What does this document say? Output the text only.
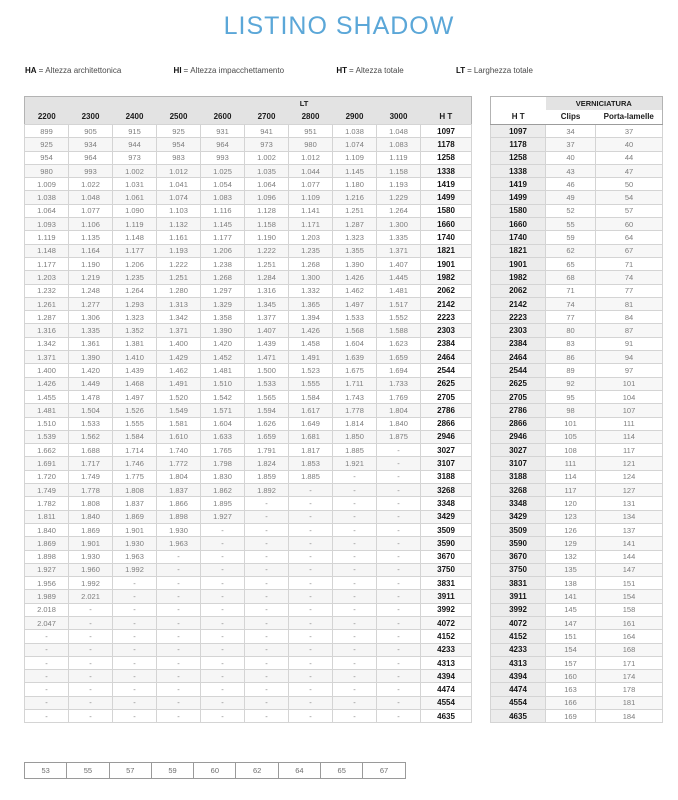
LISTINO SHADOW
HA = Altezza architettonica	HI = Altezza impacchettamento	HT = Altezza totale	LT = Larghezza totale
LT									
2200	2300	2400	2500	2600	2700	2800	2900	3000	H T
899	905	915	925	931	941	951	1.038	1.048	1097
925	934	944	954	964	973	980	1.074	1.083	1178
954	964	973	983	993	1.002	1.012	1.109	1.119	1258
980	993	1.002	1.012	1.025	1.035	1.044	1.145	1.158	1338
1.009	1.022	1.031	1.041	1.054	1.064	1.077	1.180	1.193	1419
1.038	1.048	1.061	1.074	1.083	1.096	1.109	1.216	1.229	1499
1.064	1.077	1.090	1.103	1.116	1.128	1.141	1.251	1.264	1580
1.093	1.106	1.119	1.132	1.145	1.158	1.171	1.287	1.300	1660
1.119	1.135	1.148	1.161	1.177	1.190	1.203	1.323	1.335	1740
1.148	1.164	1.177	1.193	1.206	1.222	1.235	1.355	1.371	1821
1.177	1.190	1.206	1.222	1.238	1.251	1.268	1.390	1.407	1901
1.203	1.219	1.235	1.251	1.268	1.284	1.300	1.426	1.445	1982
1.232	1.248	1.264	1.280	1.297	1.316	1.332	1.462	1.481	2062
1.261	1.277	1.293	1.313	1.329	1.345	1.365	1.497	1.517	2142
1.287	1.306	1.323	1.342	1.358	1.377	1.394	1.533	1.552	2223
1.316	1.335	1.352	1.371	1.390	1.407	1.426	1.568	1.588	2303
1.342	1.361	1.381	1.400	1.420	1.439	1.458	1.604	1.623	2384
1.371	1.390	1.410	1.429	1.452	1.471	1.491	1.639	1.659	2464
1.400	1.420	1.439	1.462	1.481	1.500	1.523	1.675	1.694	2544
1.426	1.449	1.468	1.491	1.510	1.533	1.555	1.711	1.733	2625
1.455	1.478	1.497	1.520	1.542	1.565	1.584	1.743	1.769	2705
1.481	1.504	1.526	1.549	1.571	1.594	1.617	1.778	1.804	2786
1.510	1.533	1.555	1.581	1.604	1.626	1.649	1.814	1.840	2866
1.539	1.562	1.584	1.610	1.633	1.659	1.681	1.850	1.875	2946
1.662	1.688	1.714	1.740	1.765	1.791	1.817	1.885	-	3027
1.691	1.717	1.746	1.772	1.798	1.824	1.853	1.921	-	3107
1.720	1.749	1.775	1.804	1.830	1.859	1.885	-	-	3188
1.749	1.778	1.808	1.837	1.862	1.892	-	-	-	3268
1.782	1.808	1.837	1.866	1.895	-	-	-	-	3348
1.811	1.840	1.869	1.898	1.927	-	-	-	-	3429
1.840	1.869	1.901	1.930	-	-	-	-	-	3509
1.869	1.901	1.930	1.963	-	-	-	-	-	3590
1.898	1.930	1.963	-	-	-	-	-	-	3670
1.927	1.960	1.992	-	-	-	-	-	-	3750
1.956	1.992	-	-	-	-	-	-	-	3831
1.989	2.021	-	-	-	-	-	-	-	3911
2.018	-	-	-	-	-	-	-	-	3992
2.047	-	-	-	-	-	-	-	-	4072
-	-	-	-	-	-	-	-	-	4152
-	-	-	-	-	-	-	-	-	4233
-	-	-	-	-	-	-	-	-	4313
-	-	-	-	-	-	-	-	-	4394
-	-	-	-	-	-	-	-	-	4474
-	-	-	-	-	-	-	-	-	4554
-	-	-	-	-	-	-	-	-	4635
	VERNICIATURA	
H T	Clips	Porta-lamelle
1097	34	37
1178	37	40
1258	40	44
1338	43	47
1419	46	50
1499	49	54
1580	52	57
1660	55	60
1740	59	64
1821	62	67
1901	65	71
1982	68	74
2062	71	77
2142	74	81
2223	77	84
2303	80	87
2384	83	91
2464	86	94
2544	89	97
2625	92	101
2705	95	104
2786	98	107
2866	101	111
2946	105	114
3027	108	117
3107	111	121
3188	114	124
3268	117	127
3348	120	131
3429	123	134
3509	126	137
3590	129	141
3670	132	144
3750	135	147
3831	138	151
3911	141	154
3992	145	158
4072	147	161
4152	151	164
4233	154	168
4313	157	171
4394	160	174
4474	163	178
4554	166	181
4635	169	184
53	55	57	59	60	62	64	65	67
